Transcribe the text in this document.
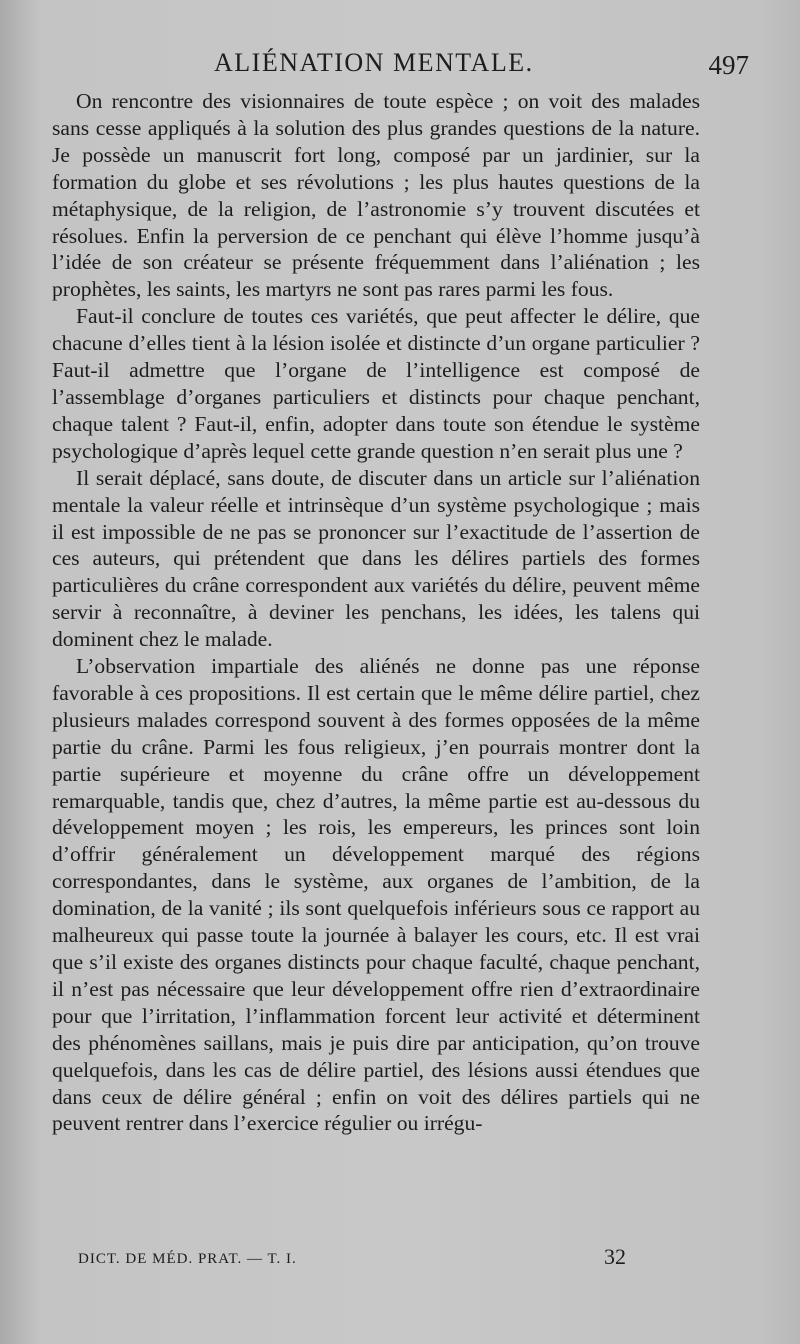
ALIÉNATION MENTALE.	497

On rencontre des visionnaires de toute espèce ; on voit des malades sans cesse appliqués à la solution des plus grandes questions de la nature. Je possède un manuscrit fort long, composé par un jardinier, sur la formation du globe et ses révolutions ; les plus hautes questions de la métaphysique, de la religion, de l’astronomie s’y trouvent discutées et résolues. Enfin la perversion de ce penchant qui élève l’homme jusqu’à l’idée de son créateur se présente fréquemment dans l’aliénation ; les prophètes, les saints, les martyrs ne sont pas rares parmi les fous.

Faut-il conclure de toutes ces variétés, que peut affecter le délire, que chacune d’elles tient à la lésion isolée et distincte d’un organe particulier ? Faut-il admettre que l’organe de l’intelligence est composé de l’assemblage d’organes particuliers et distincts pour chaque penchant, chaque talent ? Faut-il, enfin, adopter dans toute son étendue le système psychologique d’après lequel cette grande question n’en serait plus une ?

Il serait déplacé, sans doute, de discuter dans un article sur l’aliénation mentale la valeur réelle et intrinsèque d’un système psychologique ; mais il est impossible de ne pas se prononcer sur l’exactitude de l’assertion de ces auteurs, qui prétendent que dans les délires partiels des formes particulières du crâne correspondent aux variétés du délire, peuvent même servir à reconnaître, à deviner les penchans, les idées, les talens qui dominent chez le malade.

L’observation impartiale des aliénés ne donne pas une réponse favorable à ces propositions. Il est certain que le même délire partiel, chez plusieurs malades correspond souvent à des formes opposées de la même partie du crâne. Parmi les fous religieux, j’en pourrais montrer dont la partie supérieure et moyenne du crâne offre un développement remarquable, tandis que, chez d’autres, la même partie est au-dessous du développement moyen ; les rois, les empereurs, les princes sont loin d’offrir généralement un développement marqué des régions correspondantes, dans le système, aux organes de l’ambition, de la domination, de la vanité ; ils sont quelquefois inférieurs sous ce rapport au malheureux qui passe toute la journée à balayer les cours, etc. Il est vrai que s’il existe des organes distincts pour chaque faculté, chaque penchant, il n’est pas nécessaire que leur développement offre rien d’extraordinaire pour que l’irritation, l’inflammation forcent leur activité et déterminent des phénomènes saillans, mais je puis dire par anticipation, qu’on trouve quelquefois, dans les cas de délire partiel, des lésions aussi étendues que dans ceux de délire général ; enfin on voit des délires partiels qui ne peuvent rentrer dans l’exercice régulier ou irrégu-

DICT. DE MÉD. PRAT. — T. I.	32
